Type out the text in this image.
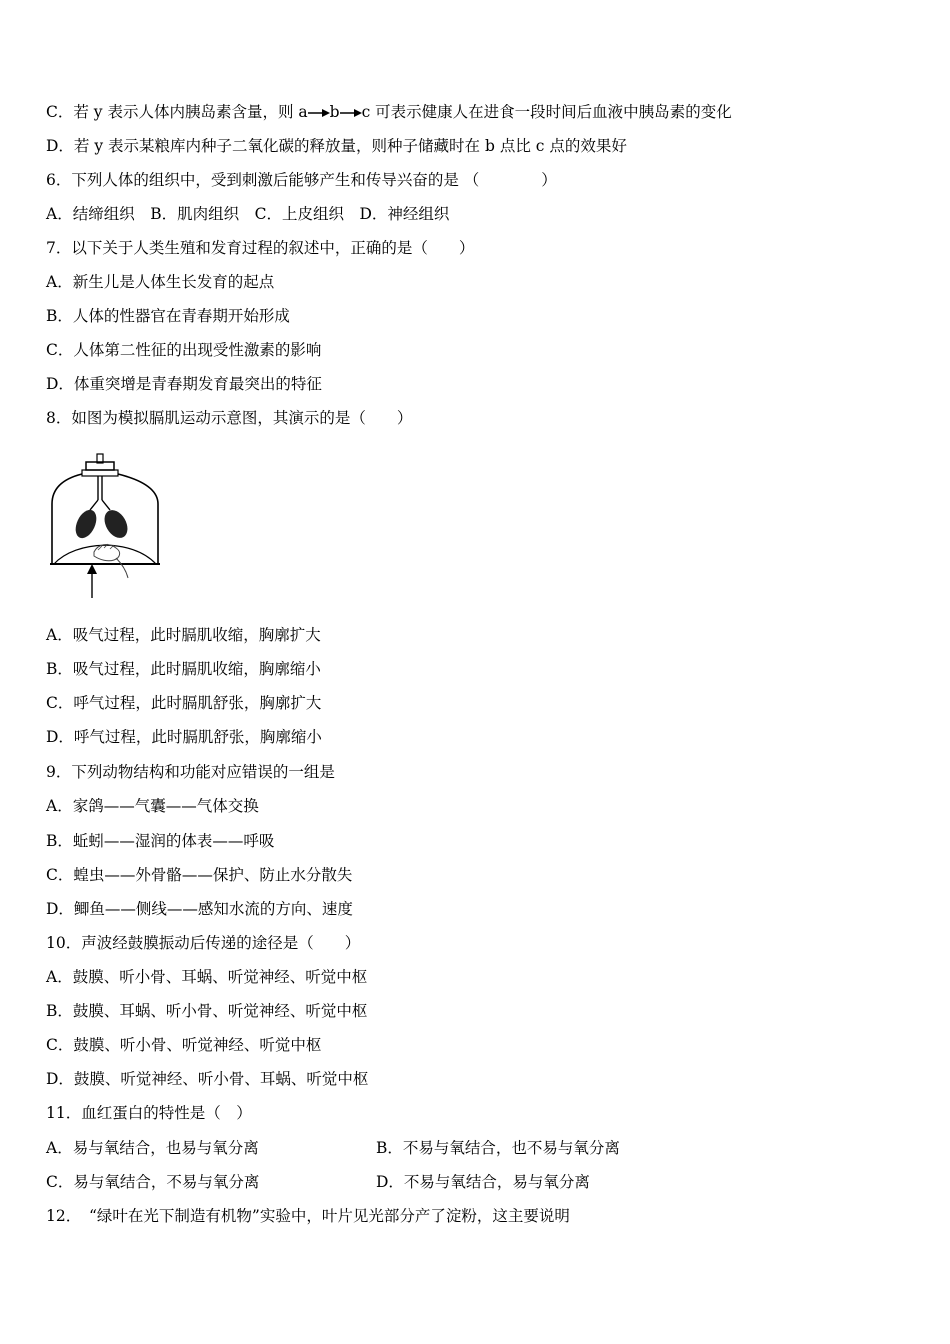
C．若 y 表示人体内胰岛素含量，则 a b c 可表示健康人在进食一段时间后血液中胰岛素的变化
D．若 y 表示某粮库内种子二氧化碳的释放量，则种子储藏时在 b 点比 c 点的效果好
6．下列人体的组织中，受到刺激后能够产生和传导兴奋的是 （　　　　）
A．结缔组织　B．肌肉组织　C．上皮组织　D．神经组织
7．以下关于人类生殖和发育过程的叙述中，正确的是（　　）
A．新生儿是人体生长发育的起点
B．人体的性器官在青春期开始形成
C．人体第二性征的出现受性激素的影响
D．体重突增是青春期发育最突出的特征
8．如图为模拟膈肌运动示意图，其演示的是（　　）
A．吸气过程，此时膈肌收缩，胸廓扩大
B．吸气过程，此时膈肌收缩，胸廓缩小
C．呼气过程，此时膈肌舒张，胸廓扩大
D．呼气过程，此时膈肌舒张，胸廓缩小
9．下列动物结构和功能对应错误的一组是
A．家鸽——气囊——气体交换
B．蚯蚓——湿润的体表——呼吸
C．蝗虫——外骨骼——保护、防止水分散失
D．鲫鱼——侧线——感知水流的方向、速度
10．声波经鼓膜振动后传递的途径是（　　）
A．鼓膜、听小骨、耳蜗、听觉神经、听觉中枢
B．鼓膜、耳蜗、听小骨、听觉神经、听觉中枢
C．鼓膜、听小骨、听觉神经、听觉中枢
D．鼓膜、听觉神经、听小骨、耳蜗、听觉中枢
11．血红蛋白的特性是（　）
A．易与氧结合，也易与氧分离	B．不易与氧结合，也不易与氧分离
C．易与氧结合，不易与氧分离	D．不易与氧结合，易与氧分离
12．　“绿叶在光下制造有机物”实验中，叶片见光部分产了淀粉，这主要说明
